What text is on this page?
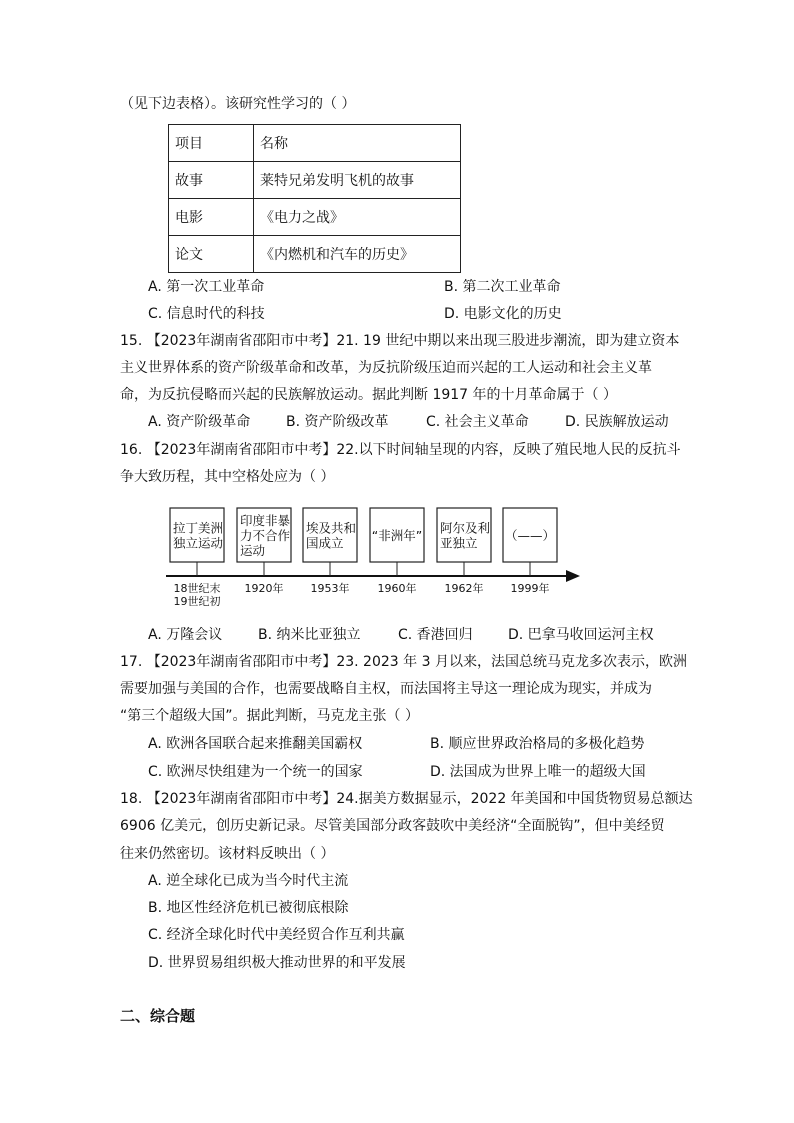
（见下边表格）。该研究性学习的（ ）
项目	名称
故事	莱特兄弟发明飞机的故事
电影	《电力之战》
论文	《内燃机和汽车的历史》
A. 第一次工业革命	B. 第二次工业革命
C. 信息时代的科技	D. 电影文化的历史
15. 【2023年湖南省邵阳市中考】21. 19 世纪中期以来出现三股进步潮流，即为建立资本
主义世界体系的资产阶级革命和改革，为反抗阶级压迫而兴起的工人运动和社会主义革
命，为反抗侵略而兴起的民族解放运动。据此判断 1917 年的十月革命属于（ ）
A. 资产阶级革命	B. 资产阶级改革	C. 社会主义革命	D. 民族解放运动
16. 【2023年湖南省邵阳市中考】22.以下时间轴呈现的内容，反映了殖民地人民的反抗斗
争大致历程，其中空格处应为（ ）
拉丁美洲
独立运动
18世纪末
19世纪初
印度非暴
力不合作
运动
1920年
埃及共和
国成立
1953年
“非洲年”
1960年
阿尔及利
亚独立
1962年
（——）
1999年
A. 万隆会议	B. 纳米比亚独立	C. 香港回归	D. 巴拿马收回运河主权
17. 【2023年湖南省邵阳市中考】23. 2023 年 3 月以来，法国总统马克龙多次表示，欧洲
需要加强与美国的合作，也需要战略自主权，而法国将主导这一理论成为现实，并成为
“第三个超级大国”。据此判断，马克龙主张（ ）
A. 欧洲各国联合起来推翻美国霸权	B. 顺应世界政治格局的多极化趋势
C. 欧洲尽快组建为一个统一的国家	D. 法国成为世界上唯一的超级大国
18. 【2023年湖南省邵阳市中考】24.据美方数据显示，2022 年美国和中国货物贸易总额达
6906 亿美元，创历史新记录。尽管美国部分政客鼓吹中美经济“全面脱钩”，但中美经贸
往来仍然密切。该材料反映出（ ）
A. 逆全球化已成为当今时代主流
B. 地区性经济危机已被彻底根除
C. 经济全球化时代中美经贸合作互利共赢
D. 世界贸易组织极大推动世界的和平发展
二、综合题
